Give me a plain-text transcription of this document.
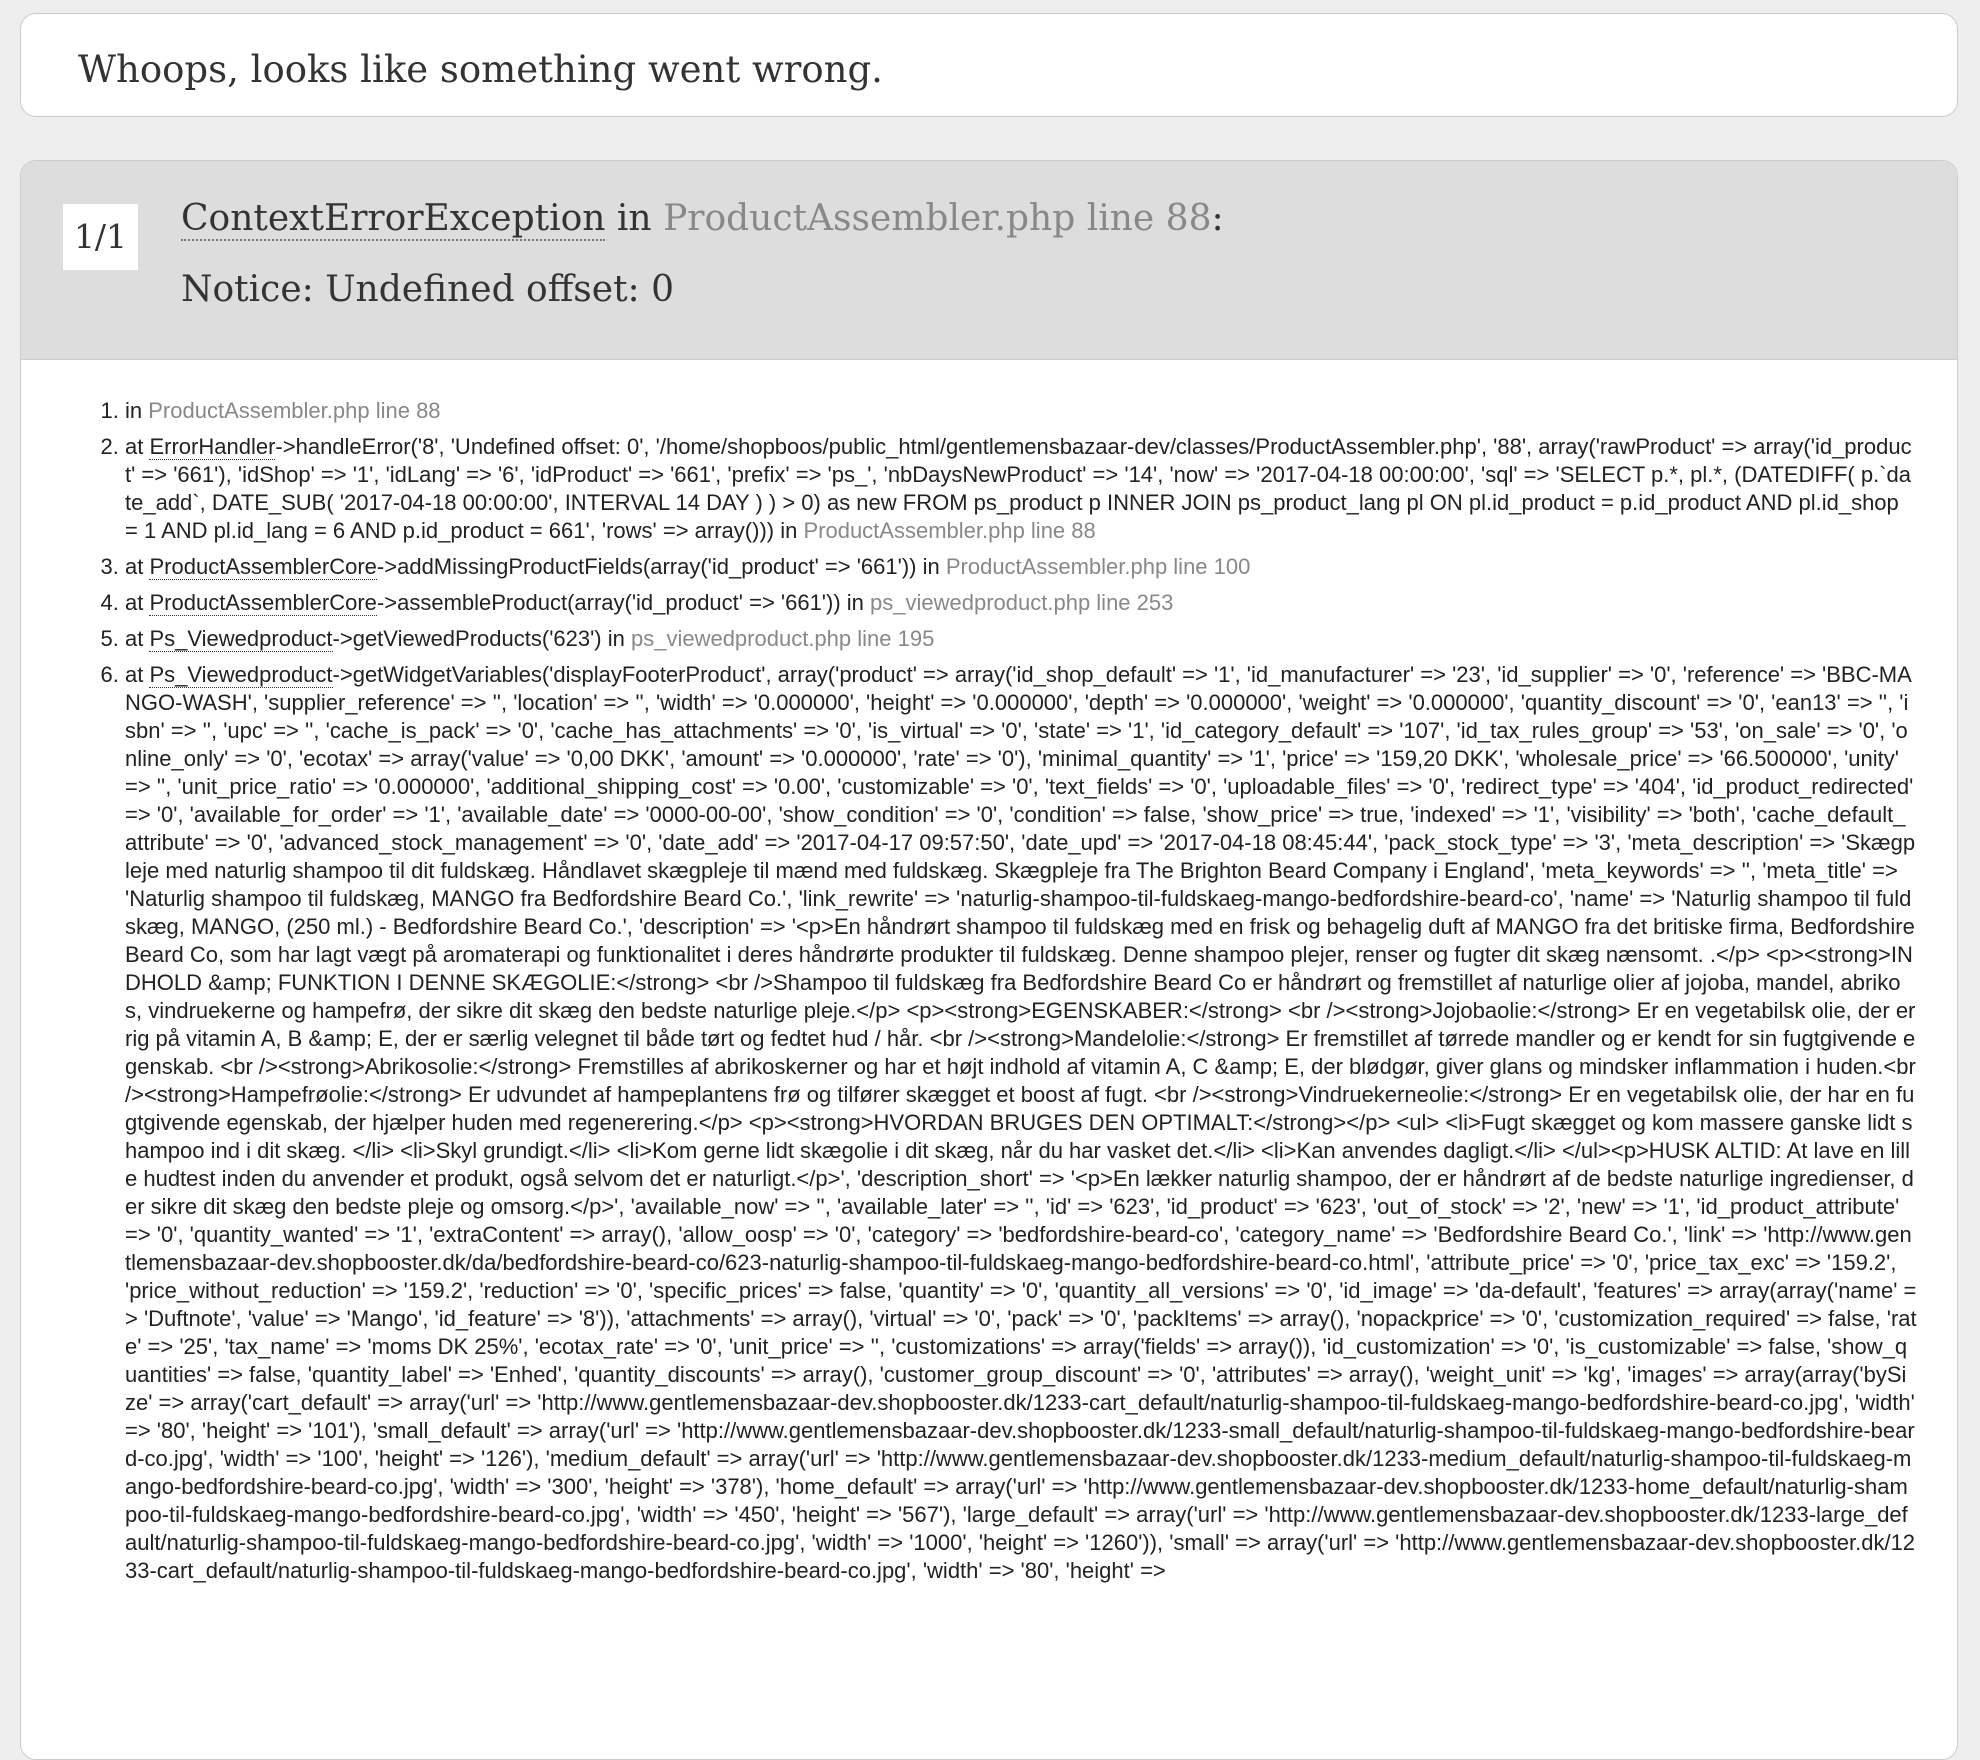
Whoops, looks like something went wrong.
1/1	ContextErrorException in ProductAssembler.php line 88:
Notice: Undefined offset: 0
1. in ProductAssembler.php line 88
2. at ErrorHandler->handleError('8', 'Undefined offset: 0', '/home/shopboos/public_html/gentlemensbazaar-dev/classes/ProductAssembler.php', '88', array('rawProduct' => array('id_product' => '661'), 'idShop' => '1', 'idLang' => '6', 'idProduct' => '661', 'prefix' => 'ps_', 'nbDaysNewProduct' => '14', 'now' => '2017-04-18 00:00:00', 'sql' => 'SELECT p.*, pl.*, (DATEDIFF( p.`date_add`, DATE_SUB( '2017-04-18 00:00:00', INTERVAL 14 DAY ) ) > 0) as new FROM ps_product p INNER JOIN ps_product_lang pl ON pl.id_product = p.id_product AND pl.id_shop = 1 AND pl.id_lang = 6 AND p.id_product = 661', 'rows' => array())) in ProductAssembler.php line 88
3. at ProductAssemblerCore->addMissingProductFields(array('id_product' => '661')) in ProductAssembler.php line 100
4. at ProductAssemblerCore->assembleProduct(array('id_product' => '661')) in ps_viewedproduct.php line 253
5. at Ps_Viewedproduct->getViewedProducts('623') in ps_viewedproduct.php line 195
6. at Ps_Viewedproduct->getWidgetVariables('displayFooterProduct', array('product' => array('id_shop_default' => '1', 'id_manufacturer' => '23', 'id_supplier' => '0', 'reference' => 'BBC-MANGO-WASH', 'supplier_reference' => '', 'location' => '', 'width' => '0.000000', 'height' => '0.000000', 'depth' => '0.000000', 'weight' => '0.000000', 'quantity_discount' => '0', 'ean13' => '', 'isbn' => '', 'upc' => '', 'cache_is_pack' => '0', 'cache_has_attachments' => '0', 'is_virtual' => '0', 'state' => '1', 'id_category_default' => '107', 'id_tax_rules_group' => '53', 'on_sale' => '0', 'online_only' => '0', 'ecotax' => array('value' => '0,00 DKK', 'amount' => '0.000000', 'rate' => '0'), 'minimal_quantity' => '1', 'price' => '159,20 DKK', 'wholesale_price' => '66.500000', 'unity' => '', 'unit_price_ratio' => '0.000000', 'additional_shipping_cost' => '0.00', 'customizable' => '0', 'text_fields' => '0', 'uploadable_files' => '0', 'redirect_type' => '404', 'id_product_redirected' => '0', 'available_for_order' => '1', 'available_date' => '0000-00-00', 'show_condition' => '0', 'condition' => false, 'show_price' => true, 'indexed' => '1', 'visibility' => 'both', 'cache_default_attribute' => '0', 'advanced_stock_management' => '0', 'date_add' => '2017-04-17 09:57:50', 'date_upd' => '2017-04-18 08:45:44', 'pack_stock_type' => '3', 'meta_description' => 'Skægpleje med naturlig shampoo til dit fuldskæg. Håndlavet skægpleje til mænd med fuldskæg. Skægpleje fra The Brighton Beard Company i England', 'meta_keywords' => '', 'meta_title' => 'Naturlig shampoo til fuldskæg, MANGO fra Bedfordshire Beard Co.', 'link_rewrite' => 'naturlig-shampoo-til-fuldskaeg-mango-bedfordshire-beard-co', 'name' => 'Naturlig shampoo til fuldskæg, MANGO, (250 ml.) - Bedfordshire Beard Co.', 'description' => '<p>En håndrørt shampoo til fuldskæg med en frisk og behagelig duft af MANGO fra det britiske firma, Bedfordshire Beard Co, som har lagt vægt på aromaterapi og funktionalitet i deres håndrørte produkter til fuldskæg. Denne shampoo plejer, renser og fugter dit skæg nænsomt. .</p> <p><strong>INDHOLD &amp; FUNKTION I DENNE SKÆGOLIE:</strong> <br />Shampoo til fuldskæg fra Bedfordshire Beard Co er håndrørt og fremstillet af naturlige olier af jojoba, mandel, abrikos, vindruekerne og hampefrø, der sikre dit skæg den bedste naturlige pleje.</p> <p><strong>EGENSKABER:</strong> <br /><strong>Jojobaolie:</strong> Er en vegetabilsk olie, der er rig på vitamin A, B &amp; E, der er særlig velegnet til både tørt og fedtet hud / hår. <br /><strong>Mandelolie:</strong> Er fremstillet af tørrede mandler og er kendt for sin fugtgivende egenskab. <br /><strong>Abrikosolie:</strong> Fremstilles af abrikoskerner og har et højt indhold af vitamin A, C &amp; E, der blødgør, giver glans og mindsker inflammation i huden.<br /><strong>Hampefrøolie:</strong> Er udvundet af hampeplantens frø og tilfører skægget et boost af fugt. <br /><strong>Vindruekerneolie:</strong> Er en vegetabilsk olie, der har en fugtgivende egenskab, der hjælper huden med regenerering.</p> <p><strong>HVORDAN BRUGES DEN OPTIMALT:</strong></p> <ul> <li>Fugt skægget og kom massere ganske lidt shampoo ind i dit skæg. </li> <li>Skyl grundigt.</li> <li>Kom gerne lidt skægolie i dit skæg, når du har vasket det.</li> <li>Kan anvendes dagligt.</li> </ul><p>HUSK ALTID: At lave en lille hudtest inden du anvender et produkt, også selvom det er naturligt.</p>', 'description_short' => '<p>En lækker naturlig shampoo, der er håndrørt af de bedste naturlige ingredienser, der sikre dit skæg den bedste pleje og omsorg.</p>', 'available_now' => '', 'available_later' => '', 'id' => '623', 'id_product' => '623', 'out_of_stock' => '2', 'new' => '1', 'id_product_attribute' => '0', 'quantity_wanted' => '1', 'extraContent' => array(), 'allow_oosp' => '0', 'category' => 'bedfordshire-beard-co', 'category_name' => 'Bedfordshire Beard Co.', 'link' => 'http://www.gentlemensbazaar-dev.shopbooster.dk/da/bedfordshire-beard-co/623-naturlig-shampoo-til-fuldskaeg-mango-bedfordshire-beard-co.html', 'attribute_price' => '0', 'price_tax_exc' => '159.2', 'price_without_reduction' => '159.2', 'reduction' => '0', 'specific_prices' => false, 'quantity' => '0', 'quantity_all_versions' => '0', 'id_image' => 'da-default', 'features' => array(array('name' => 'Duftnote', 'value' => 'Mango', 'id_feature' => '8')), 'attachments' => array(), 'virtual' => '0', 'pack' => '0', 'packItems' => array(), 'nopackprice' => '0', 'customization_required' => false, 'rate' => '25', 'tax_name' => 'moms DK 25%', 'ecotax_rate' => '0', 'unit_price' => '', 'customizations' => array('fields' => array()), 'id_customization' => '0', 'is_customizable' => false, 'show_quantities' => false, 'quantity_label' => 'Enhed', 'quantity_discounts' => array(), 'customer_group_discount' => '0', 'attributes' => array(), 'weight_unit' => 'kg', 'images' => array(array('bySize' => array('cart_default' => array('url' => 'http://www.gentlemensbazaar-dev.shopbooster.dk/1233-cart_default/naturlig-shampoo-til-fuldskaeg-mango-bedfordshire-beard-co.jpg', 'width' => '80', 'height' => '101'), 'small_default' => array('url' => 'http://www.gentlemensbazaar-dev.shopbooster.dk/1233-small_default/naturlig-shampoo-til-fuldskaeg-mango-bedfordshire-beard-co.jpg', 'width' => '100', 'height' => '126'), 'medium_default' => array('url' => 'http://www.gentlemensbazaar-dev.shopbooster.dk/1233-medium_default/naturlig-shampoo-til-fuldskaeg-mango-bedfordshire-beard-co.jpg', 'width' => '300', 'height' => '378'), 'home_default' => array('url' => 'http://www.gentlemensbazaar-dev.shopbooster.dk/1233-home_default/naturlig-shampoo-til-fuldskaeg-mango-bedfordshire-beard-co.jpg', 'width' => '450', 'height' => '567'), 'large_default' => array('url' => 'http://www.gentlemensbazaar-dev.shopbooster.dk/1233-large_default/naturlig-shampoo-til-fuldskaeg-mango-bedfordshire-beard-co.jpg', 'width' => '1000', 'height' => '1260')), 'small' => array('url' => 'http://www.gentlemensbazaar-dev.shopbooster.dk/1233-cart_default/naturlig-shampoo-til-fuldskaeg-mango-bedfordshire-beard-co.jpg', 'width' => '80', 'height' =>
